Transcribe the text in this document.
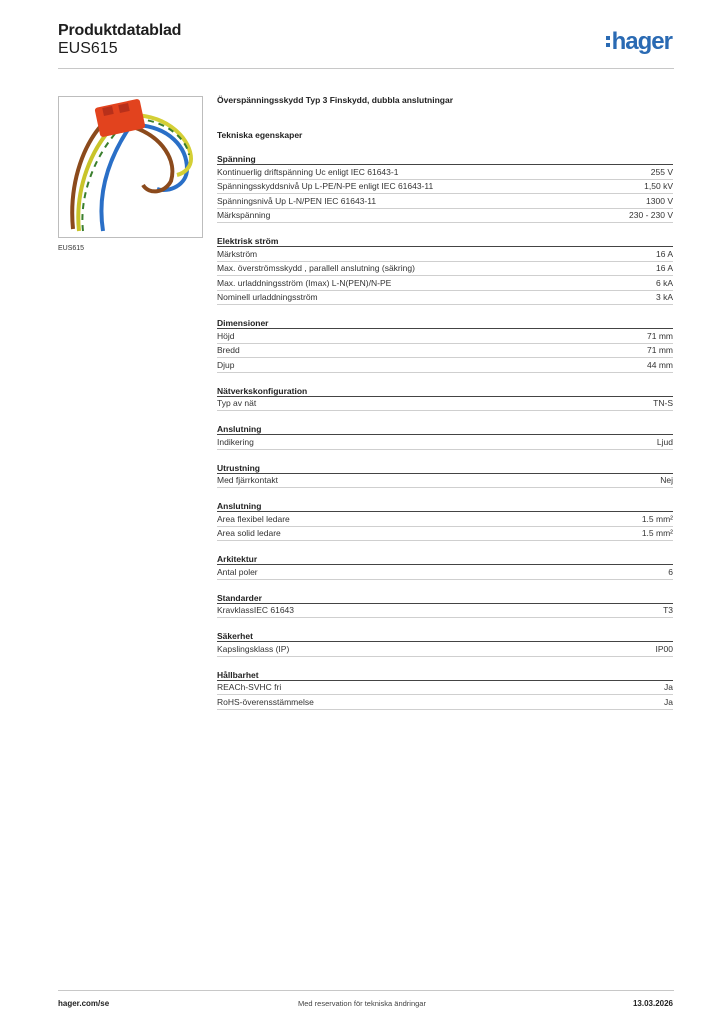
Produktdatablad
EUS615	hager
EUS615
Överspänningsskydd Typ 3 Finskydd, dubbla anslutningar
Tekniska egenskaper
Spänning
Kontinuerlig driftspänning Uc enligt IEC 61643-1	255 V
Spänningsskyddsnivå Up L-PE/N-PE enligt IEC 61643-11	1,50 kV
Spänningsnivå Up L-N/PEN IEC 61643-11	1300 V
Märkspänning	230 - 230 V
Elektrisk ström
Märkström	16 A
Max. överströmsskydd , parallell anslutning (säkring)	16 A
Max. urladdningsström (Imax) L-N(PEN)/N-PE	6 kA
Nominell urladdningsström	3 kA
Dimensioner
Höjd	71 mm
Bredd	71 mm
Djup	44 mm
Nätverkskonfiguration
Typ av nät	TN-S
Anslutning
Indikering	Ljud
Utrustning
Med fjärrkontakt	Nej
Anslutning
Area flexibel ledare	1.5 mm²
Area solid ledare	1.5 mm²
Arkitektur
Antal poler	6
Standarder
KravklassIEC 61643	T3
Säkerhet
Kapslingsklass (IP)	IP00
Hållbarhet
REACh-SVHC fri	Ja
RoHS-överensstämmelse	Ja
hager.com/se	Med reservation för tekniska ändringar	13.03.2026
